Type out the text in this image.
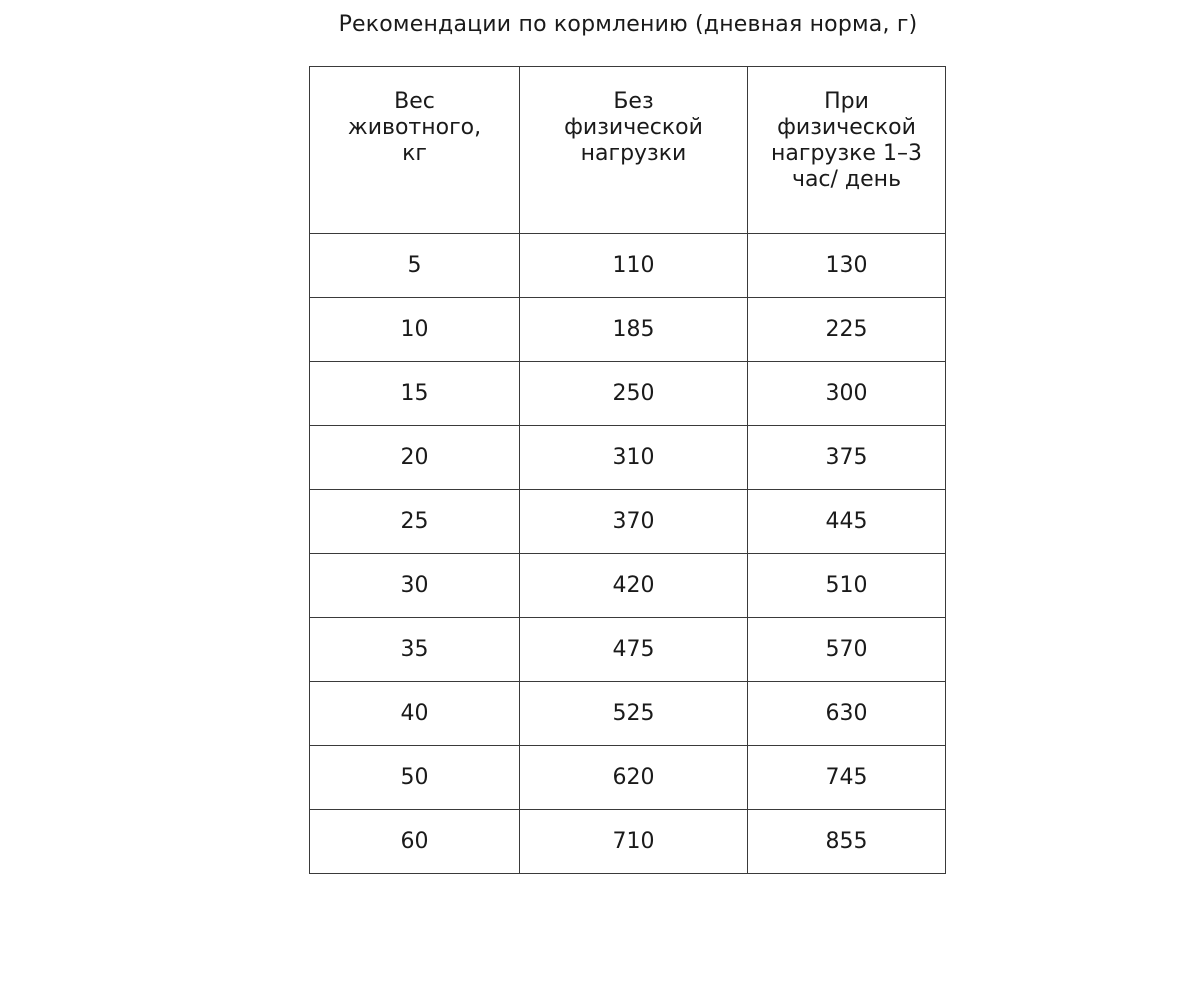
Рекомендации по кормлению (дневная норма, г)
Вес животного, кг	Без физической нагрузки	При физической нагрузке 1–3 час/ день
5	110	130
10	185	225
15	250	300
20	310	375
25	370	445
30	420	510
35	475	570
40	525	630
50	620	745
60	710	855
